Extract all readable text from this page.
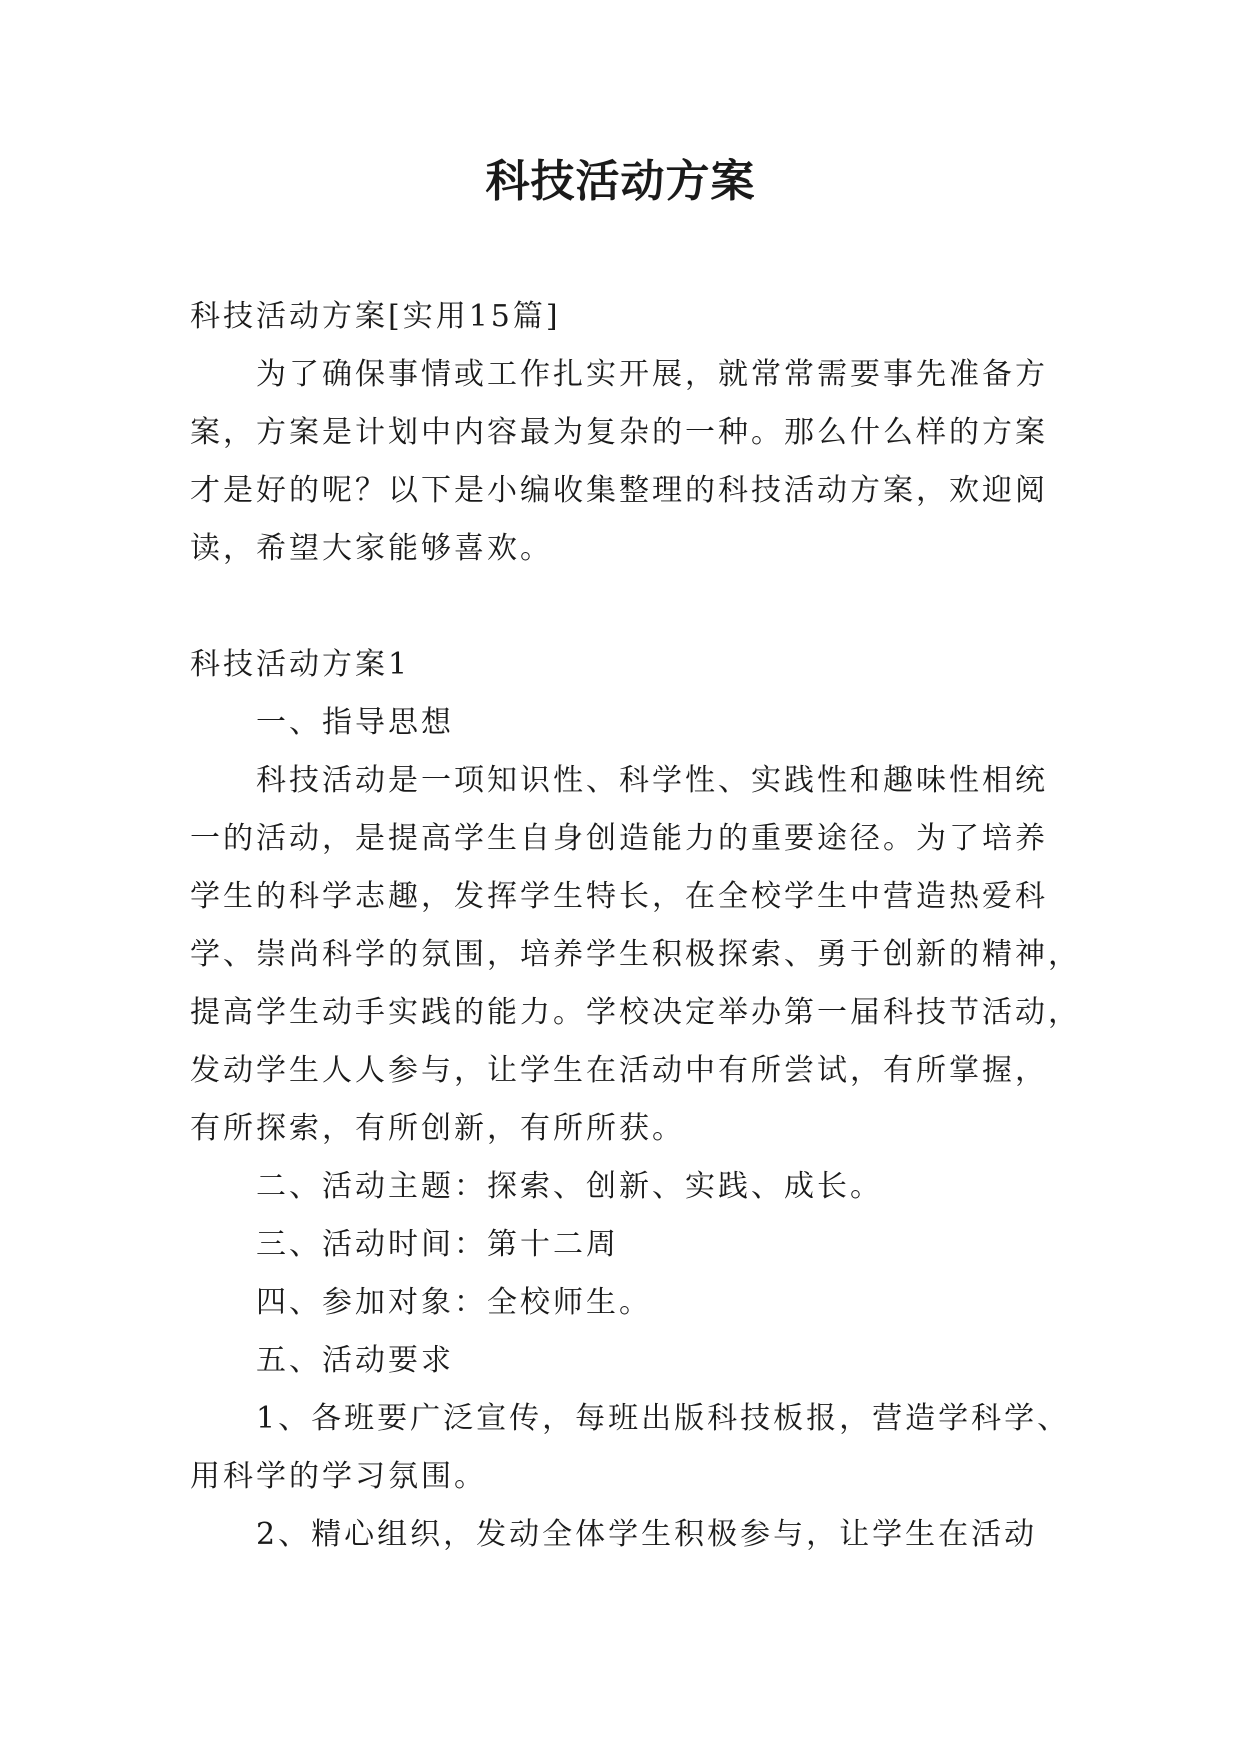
科技活动方案
科技活动方案[实用15篇]
为了确保事情或工作扎实开展，就常常需要事先准备方
案，方案是计划中内容最为复杂的一种。那么什么样的方案
才是好的呢？以下是小编收集整理的科技活动方案，欢迎阅
读，希望大家能够喜欢。
科技活动方案1
一、指导思想
科技活动是一项知识性、科学性、实践性和趣味性相统
一的活动，是提高学生自身创造能力的重要途径。为了培养
学生的科学志趣，发挥学生特长，在全校学生中营造热爱科
学、崇尚科学的氛围，培养学生积极探索、勇于创新的精神，
提高学生动手实践的能力。学校决定举办第一届科技节活动，
发动学生人人参与，让学生在活动中有所尝试，有所掌握，
有所探索，有所创新，有所所获。
二、活动主题：探索、创新、实践、成长。
三、活动时间：第十二周
四、参加对象：全校师生。
五、活动要求
1、各班要广泛宣传，每班出版科技板报，营造学科学、
用科学的学习氛围。
2、精心组织，发动全体学生积极参与，让学生在活动
